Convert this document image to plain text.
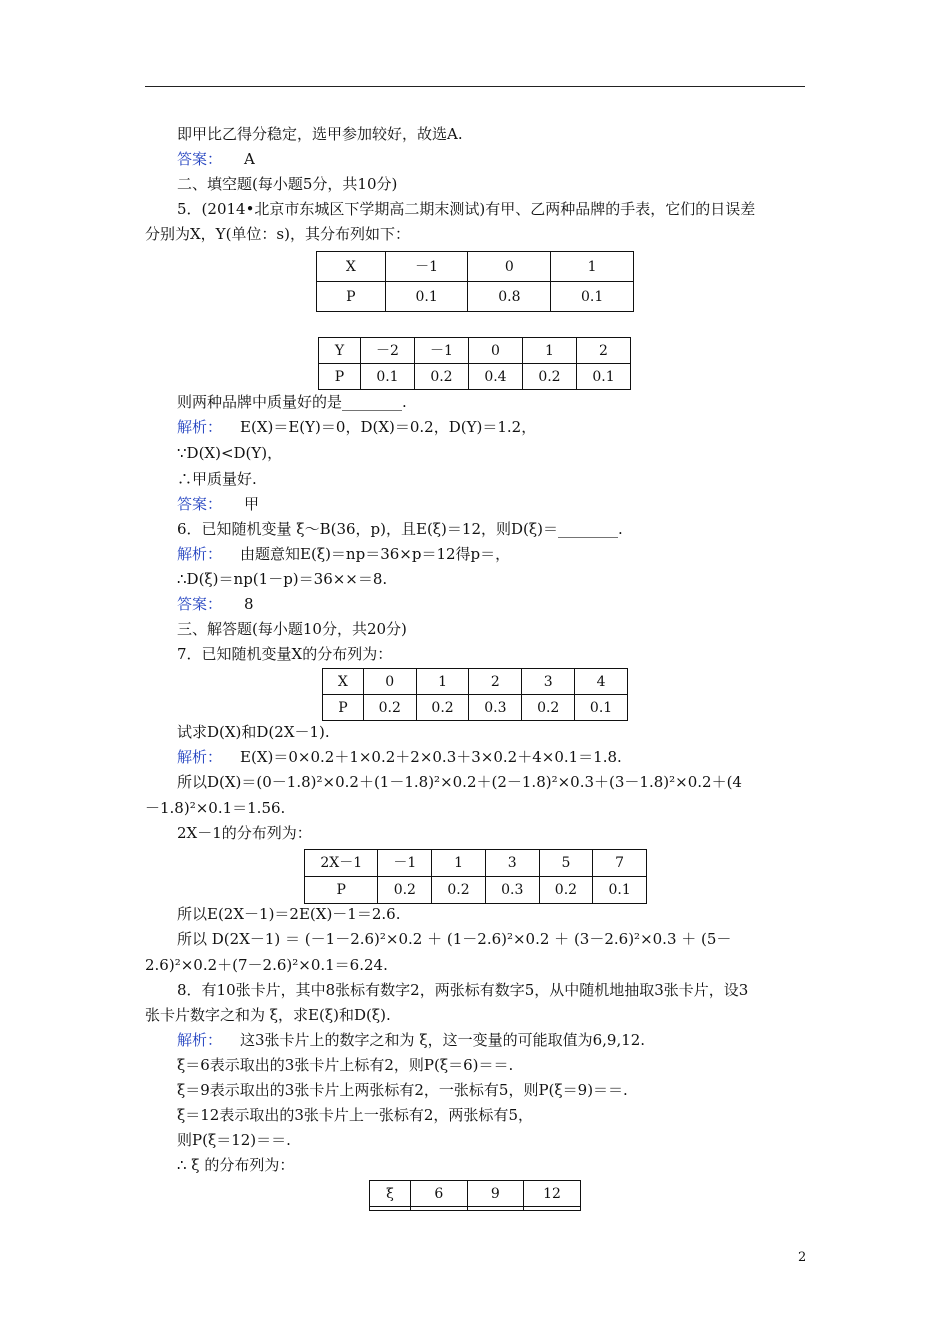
即甲比乙得分稳定，选甲参加较好，故选A.
答案： A
二、填空题(每小题5分，共10分)
5．(2014•北京市东城区下学期高二期末测试)有甲、乙两种品牌的手表，它们的日误差
分别为X，Y(单位：s)，其分布列如下：
X	－1	0	1
P	0.1	0.8	0.1
Y	－2	－1	0	1	2
P	0.1	0.2	0.4	0.2	0.1
则两种品牌中质量好的是________.
解析： E(X)＝E(Y)＝0，D(X)＝0.2，D(Y)＝1.2，
∵D(X)<D(Y)，
∴甲质量好.
答案： 甲
6．已知随机变量 ξ～B(36，p)，且E(ξ)＝12，则D(ξ)＝________.
解析： 由题意知E(ξ)＝np＝36×p＝12得p＝，
∴D(ξ)＝np(1－p)＝36××＝8.
答案： 8
三、解答题(每小题10分，共20分)
7．已知随机变量X的分布列为：
X	0	1	2	3	4
P	0.2	0.2	0.3	0.2	0.1
试求D(X)和D(2X－1).
解析： E(X)＝0×0.2＋1×0.2＋2×0.3＋3×0.2＋4×0.1＝1.8.
所以D(X)＝(0－1.8)²×0.2＋(1－1.8)²×0.2＋(2－1.8)²×0.3＋(3－1.8)²×0.2＋(4
－1.8)²×0.1＝1.56.
2X－1的分布列为：
2X－1	－1	1	3	5	7
P	0.2	0.2	0.3	0.2	0.1
所以E(2X－1)＝2E(X)－1＝2.6.
所以 D(2X－1) ＝ (－1－2.6)²×0.2 ＋ (1－2.6)²×0.2 ＋ (3－2.6)²×0.3 ＋ (5－
2.6)²×0.2＋(7－2.6)²×0.1＝6.24.
8．有10张卡片，其中8张标有数字2，两张标有数字5，从中随机地抽取3张卡片，设3
张卡片数字之和为 ξ，求E(ξ)和D(ξ).
解析： 这3张卡片上的数字之和为 ξ，这一变量的可能取值为6,9,12.
ξ＝6表示取出的3张卡片上标有2，则P(ξ＝6)＝＝.
ξ＝9表示取出的3张卡片上两张标有2，一张标有5，则P(ξ＝9)＝＝.
ξ＝12表示取出的3张卡片上一张标有2，两张标有5，
则P(ξ＝12)＝＝.
∴ ξ 的分布列为：
ξ	6	9	12

2
